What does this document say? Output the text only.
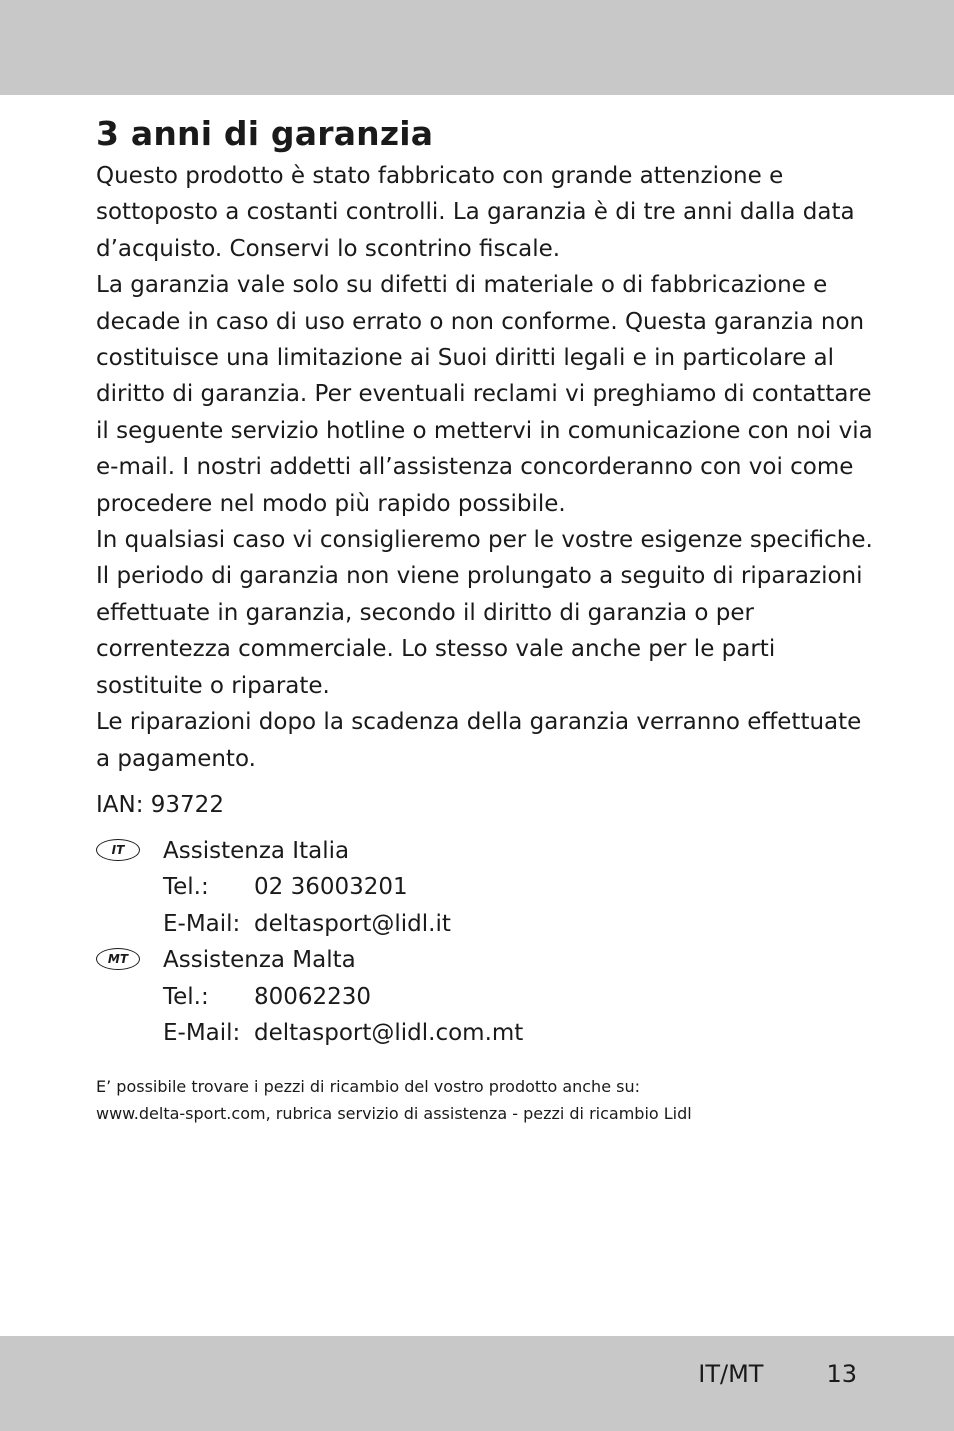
3 anni di garanzia

Questo prodotto è stato fabbricato con grande attenzione e sottoposto a costanti controlli. La garanzia è di tre anni dalla data d’acquisto. Conservi lo scontrino fiscale.

La garanzia vale solo su difetti di materiale o di fabbricazione e decade in caso di uso errato o non conforme. Questa garanzia non costituisce una limitazione ai Suoi diritti legali e in particolare al diritto di garanzia. Per eventuali reclami vi preghiamo di contattare il seguente servizio hotline o mettervi in comunicazione con noi via e-mail. I nostri addetti all’assistenza concorderanno con voi come procedere nel modo più rapido possibile.

In qualsiasi caso vi consiglieremo per le vostre esigenze specifiche. Il periodo di garanzia non viene prolungato a seguito di riparazioni effettuate in garanzia, secondo il diritto di garanzia o per correntezza commerciale. Lo stesso vale anche per le parti sostituite o riparate.

Le riparazioni dopo la scadenza della garanzia verranno effettuate a pagamento.

IAN: 93722
IT	Assistenza Italia
Tel.:	02 36003201
E-Mail: deltasport@lidl.it
MT	Assistenza Malta
Tel.:	80062230
E-Mail: deltasport@lidl.com.mt
E’ possibile trovare i pezzi di ricambio del vostro prodotto anche su:
www.delta-sport.com, rubrica servizio di assistenza - pezzi di ricambio Lidl
IT/MT	13
